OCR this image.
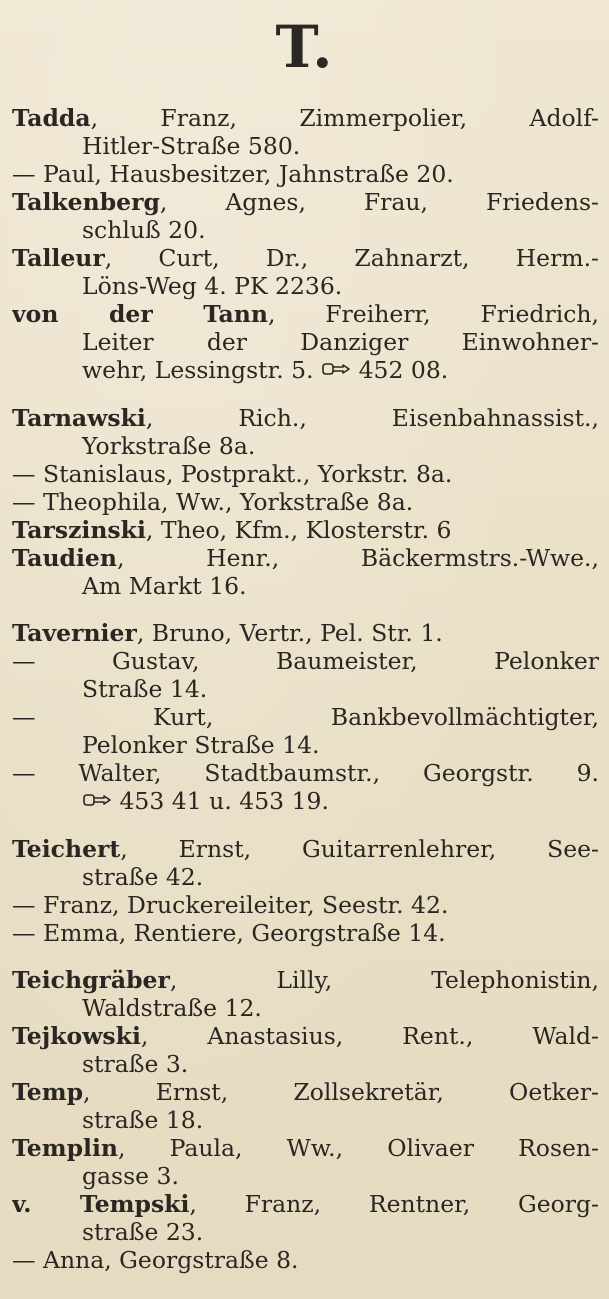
T.
Tadda, Franz, Zimmerpolier, Adolf-
Hitler-Straße 580.
— Paul, Hausbesitzer, Jahnstraße 20.
Talkenberg, Agnes, Frau, Friedens-
schluß 20.
Talleur, Curt, Dr., Zahnarzt, Herm.-
Löns-Weg 4. PK 2236.
von der Tann, Freiherr, Friedrich,
Leiter der Danziger Einwohner-
wehr, Lessingstr. 5. 452 08.
Tarnawski, Rich., Eisenbahnassist.,
Yorkstraße 8a.
— Stanislaus, Postprakt., Yorkstr. 8a.
— Theophila, Ww., Yorkstraße 8a.
Tarszinski, Theo, Kfm., Klosterstr. 6
Taudien, Henr., Bäckermstrs.-Wwe.,
Am Markt 16.
Tavernier, Bruno, Vertr., Pel. Str. 1.
— Gustav, Baumeister, Pelonker
Straße 14.
— Kurt, Bankbevollmächtigter,
Pelonker Straße 14.
— Walter, Stadtbaumstr., Georgstr. 9.
453 41 u. 453 19.
Teichert, Ernst, Guitarrenlehrer, See-
straße 42.
— Franz, Druckereileiter, Seestr. 42.
— Emma, Rentiere, Georgstraße 14.
Teichgräber, Lilly, Telephonistin,
Waldstraße 12.
Tejkowski, Anastasius, Rent., Wald-
straße 3.
Temp, Ernst, Zollsekretär, Oetker-
straße 18.
Templin, Paula, Ww., Olivaer Rosen-
gasse 3.
v. Tempski, Franz, Rentner, Georg-
straße 23.
— Anna, Georgstraße 8.
